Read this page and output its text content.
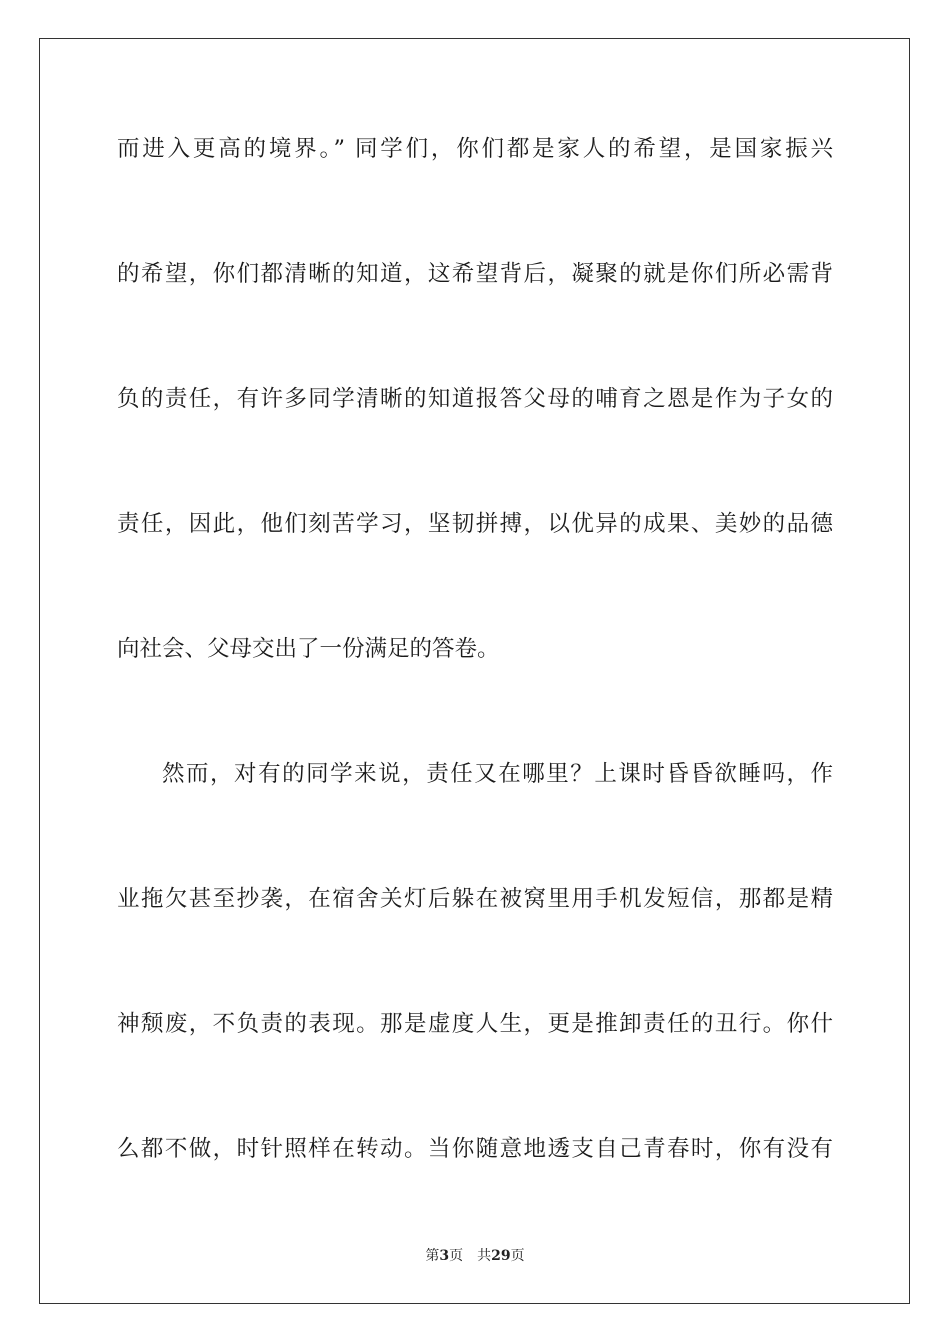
而进入更高的境界。” 同学们，你们都是家人的希望，是国家振兴
的希望，你们都清晰的知道，这希望背后，凝聚的就是你们所必需背
负的责任，有许多同学清晰的知道报答父母的哺育之恩是作为子女的
责任，因此，他们刻苦学习，坚韧拼搏，以优异的成果、美妙的品德
向社会、父母交出了一份满足的答卷。
然而，对有的同学来说，责任又在哪里？上课时昏昏欲睡吗，作
业拖欠甚至抄袭，在宿舍关灯后躲在被窝里用手机发短信，那都是精
神颓废，不负责的表现。那是虚度人生，更是推卸责任的丑行。你什
么都不做，时针照样在转动。当你随意地透支自己青春时，你有没有
第3页 共29页
